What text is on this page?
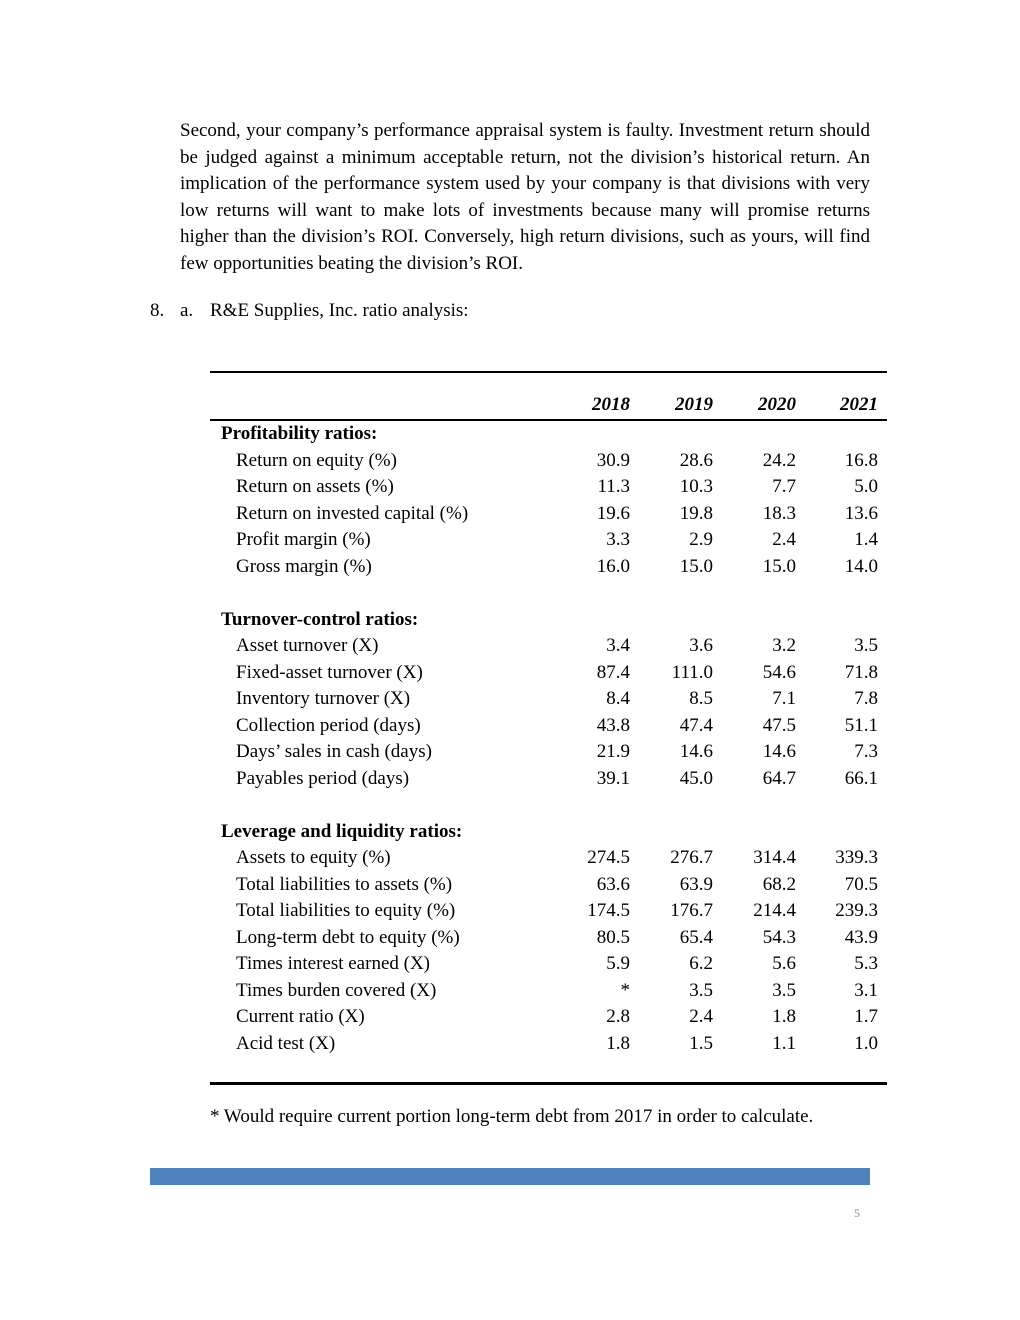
Second, your company’s performance appraisal system is faulty. Investment return should be judged against a minimum acceptable return, not the division’s historical return. An implication of the performance system used by your company is that divisions with very low returns will want to make lots of investments because many will promise returns higher than the division’s ROI. Conversely, high return divisions, such as yours, will find few opportunities beating the division’s ROI.
8. a. R&E Supplies, Inc. ratio analysis:
2018	2019	2020	2021
Profitability ratios:
Return on equity (%)	30.9	28.6	24.2	16.8
Return on assets (%)	11.3	10.3	7.7	5.0
Return on invested capital (%)	19.6	19.8	18.3	13.6
Profit margin (%)	3.3	2.9	2.4	1.4
Gross margin (%)	16.0	15.0	15.0	14.0
Turnover-control ratios:
Asset turnover (X)	3.4	3.6	3.2	3.5
Fixed-asset turnover (X)	87.4	111.0	54.6	71.8
Inventory turnover (X)	8.4	8.5	7.1	7.8
Collection period (days)	43.8	47.4	47.5	51.1
Days’ sales in cash (days)	21.9	14.6	14.6	7.3
Payables period (days)	39.1	45.0	64.7	66.1
Leverage and liquidity ratios:
Assets to equity (%)	274.5	276.7	314.4	339.3
Total liabilities to assets (%)	63.6	63.9	68.2	70.5
Total liabilities to equity (%)	174.5	176.7	214.4	239.3
Long-term debt to equity (%)	80.5	65.4	54.3	43.9
Times interest earned (X)	5.9	6.2	5.6	5.3
Times burden covered (X)	*	3.5	3.5	3.1
Current ratio (X)	2.8	2.4	1.8	1.7
Acid test (X)	1.8	1.5	1.1	1.0
* Would require current portion long-term debt from 2017 in order to calculate.
5
